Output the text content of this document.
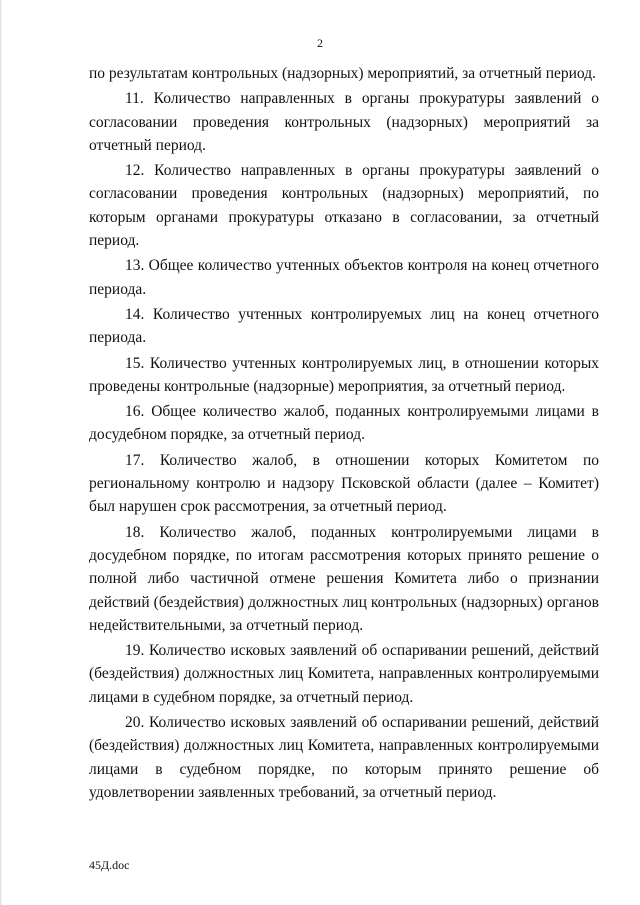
2

по результатам контрольных (надзорных) мероприятий, за отчетный период.

11. Количество направленных в органы прокуратуры заявлений о согласовании проведения контрольных (надзорных) мероприятий за отчетный период.

12. Количество направленных в органы прокуратуры заявлений о согласовании проведения контрольных (надзорных) мероприятий, по которым органами прокуратуры отказано в согласовании, за отчетный период.

13. Общее количество учтенных объектов контроля на конец отчетного периода.

14. Количество учтенных контролируемых лиц на конец отчетного периода.

15. Количество учтенных контролируемых лиц, в отношении которых проведены контрольные (надзорные) мероприятия, за отчетный период.

16. Общее количество жалоб, поданных контролируемыми лицами в досудебном порядке, за отчетный период.

17. Количество жалоб, в отношении которых Комитетом по региональному контролю и надзору Псковской области (далее – Комитет) был нарушен срок рассмотрения, за отчетный период.

18. Количество жалоб, поданных контролируемыми лицами в досудебном порядке, по итогам рассмотрения которых принято решение о полной либо частичной отмене решения Комитета либо о признании действий (бездействия) должностных лиц контрольных (надзорных) органов недействительными, за отчетный период.

19. Количество исковых заявлений об оспаривании решений, действий (бездействия) должностных лиц Комитета, направленных контролируемыми лицами в судебном порядке, за отчетный период.

20. Количество исковых заявлений об оспаривании решений, действий (бездействия) должностных лиц Комитета, направленных контролируемыми лицами в судебном порядке, по которым принято решение об удовлетворении заявленных требований, за отчетный период.

45Д.doc
